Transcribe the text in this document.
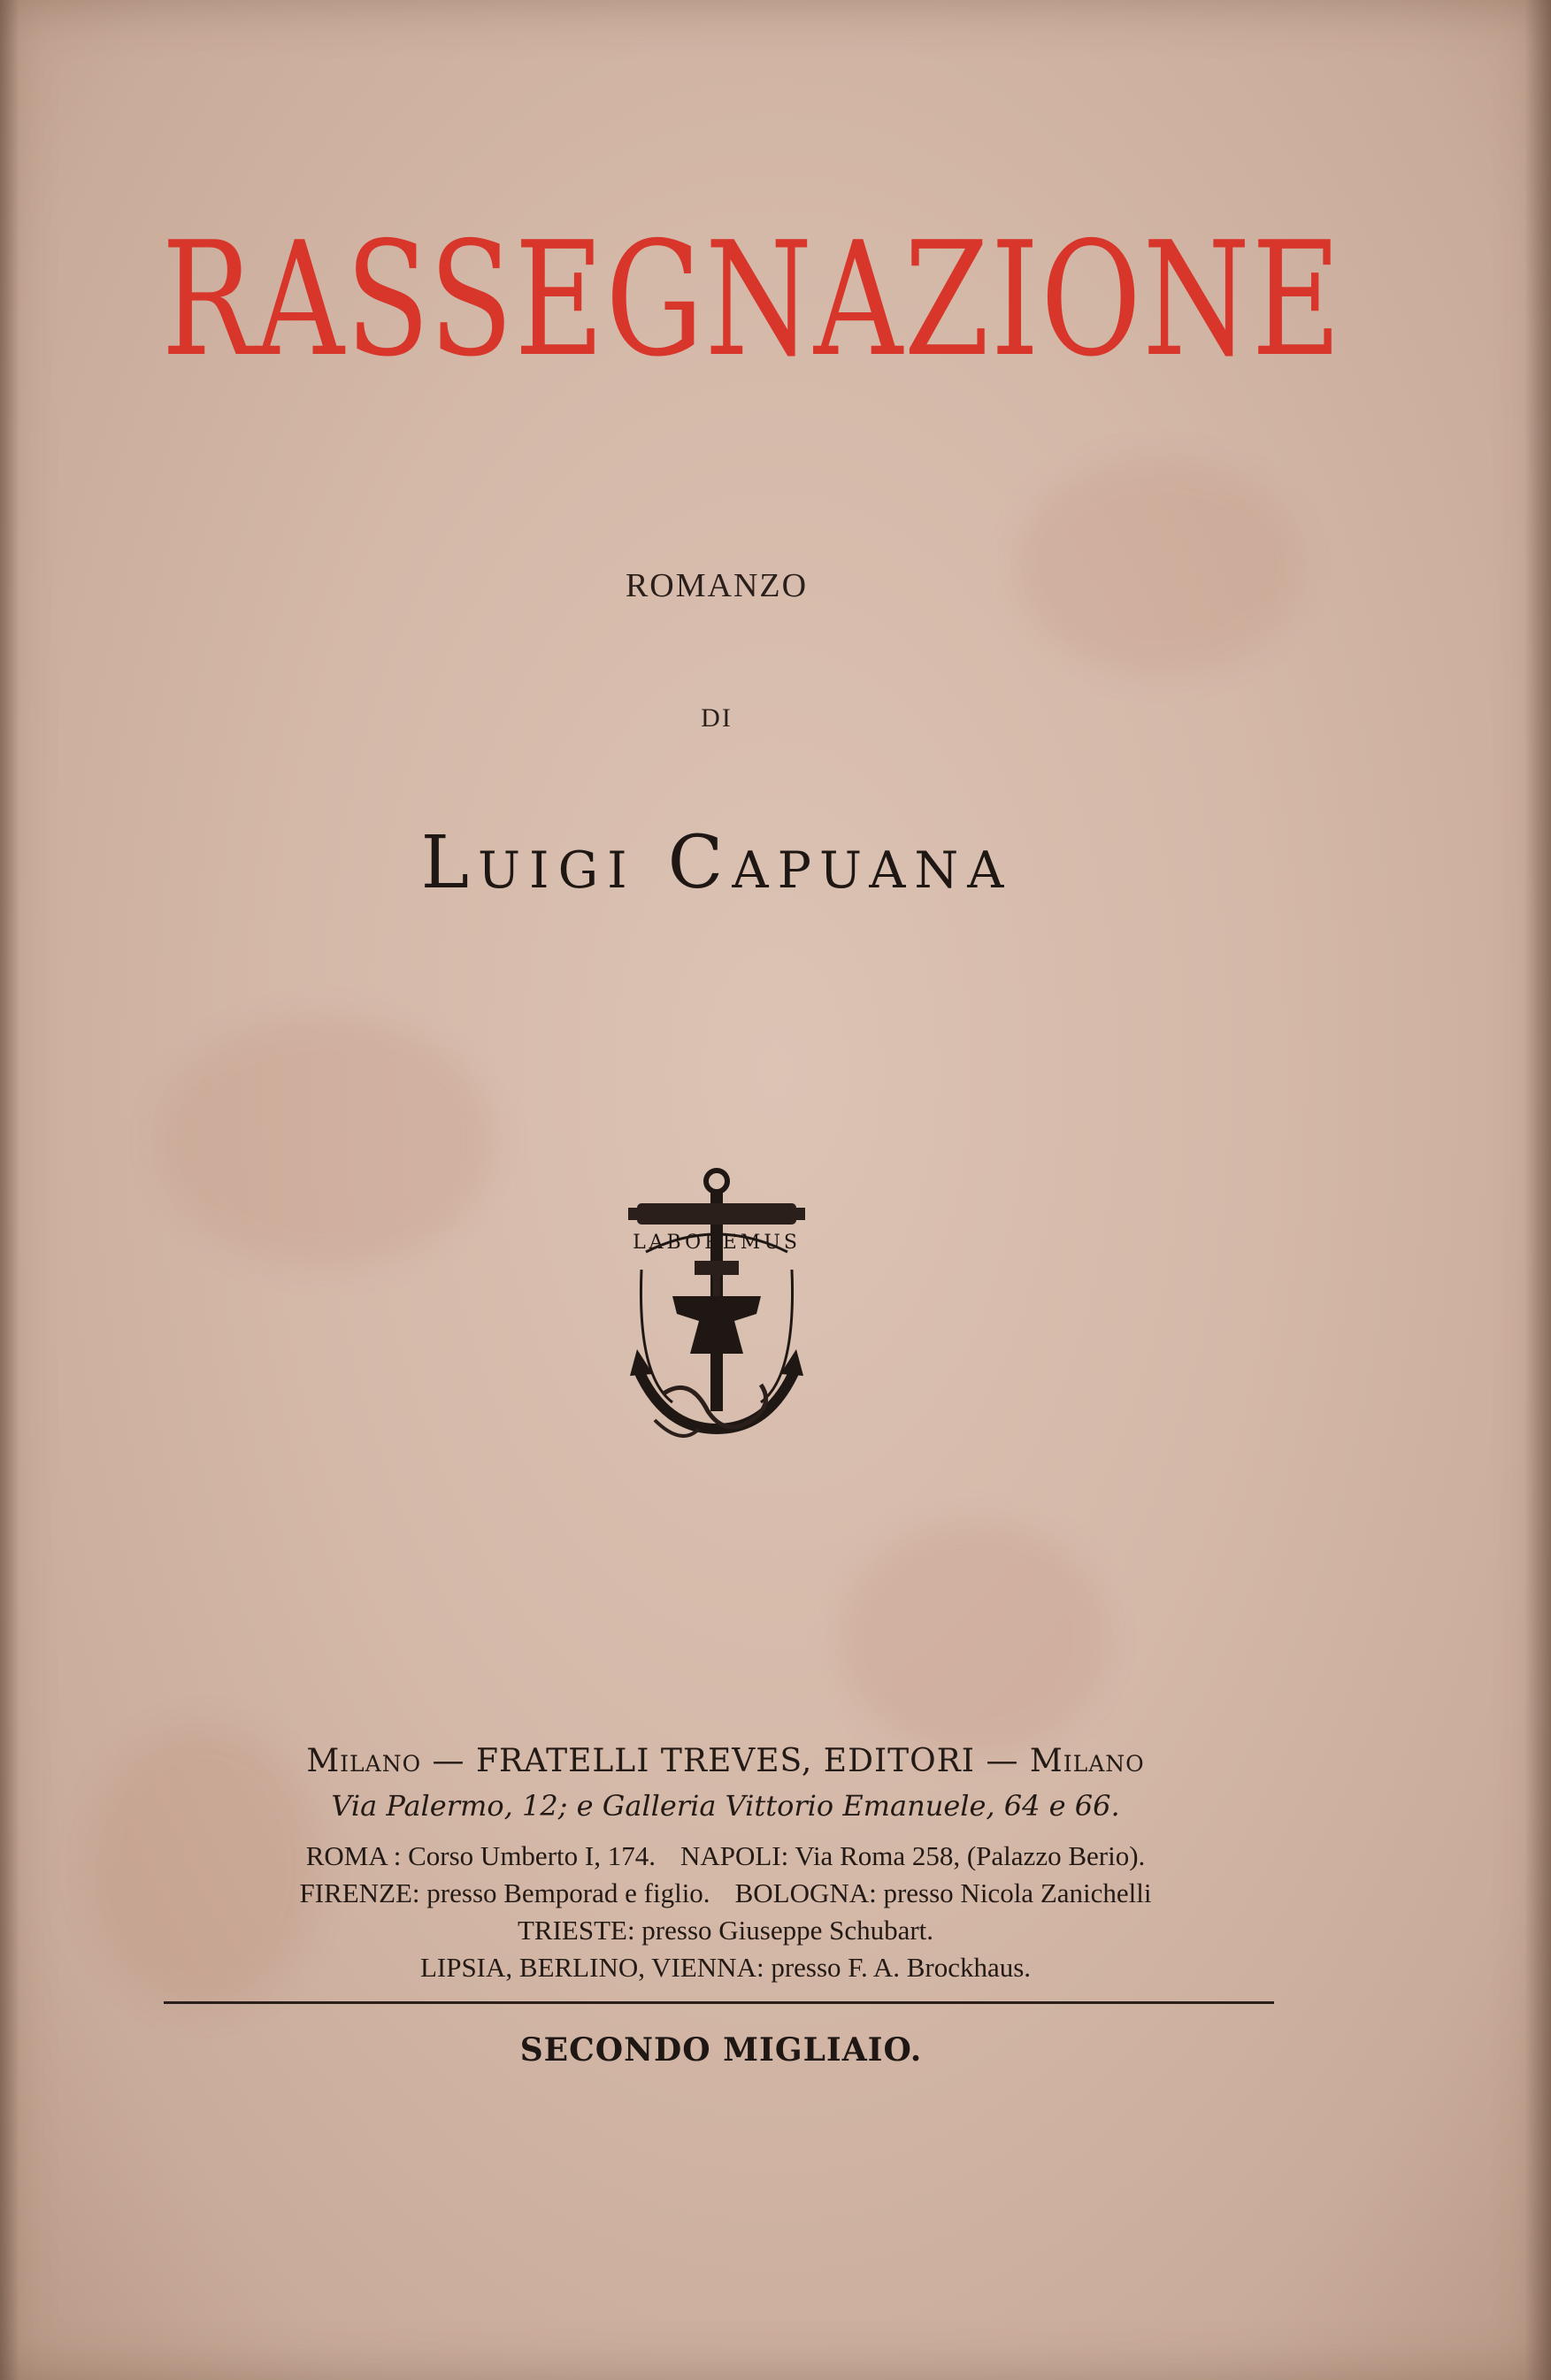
RASSEGNAZIONE
ROMANZO
DI
Luigi Capuana
LABOREMUS
Milano — FRATELLI TREVES, EDITORI — Milano
Via Palermo, 12; e Galleria Vittorio Emanuele, 64 e 66.
ROMA : Corso Umberto I, 174. NAPOLI: Via Roma 258, (Palazzo Berio).
FIRENZE: presso Bemporad e figlio. BOLOGNA: presso Nicola Zanichelli
TRIESTE: presso Giuseppe Schubart.
LIPSIA, BERLINO, VIENNA: presso F. A. Brockhaus.
SECONDO MIGLIAIO.
